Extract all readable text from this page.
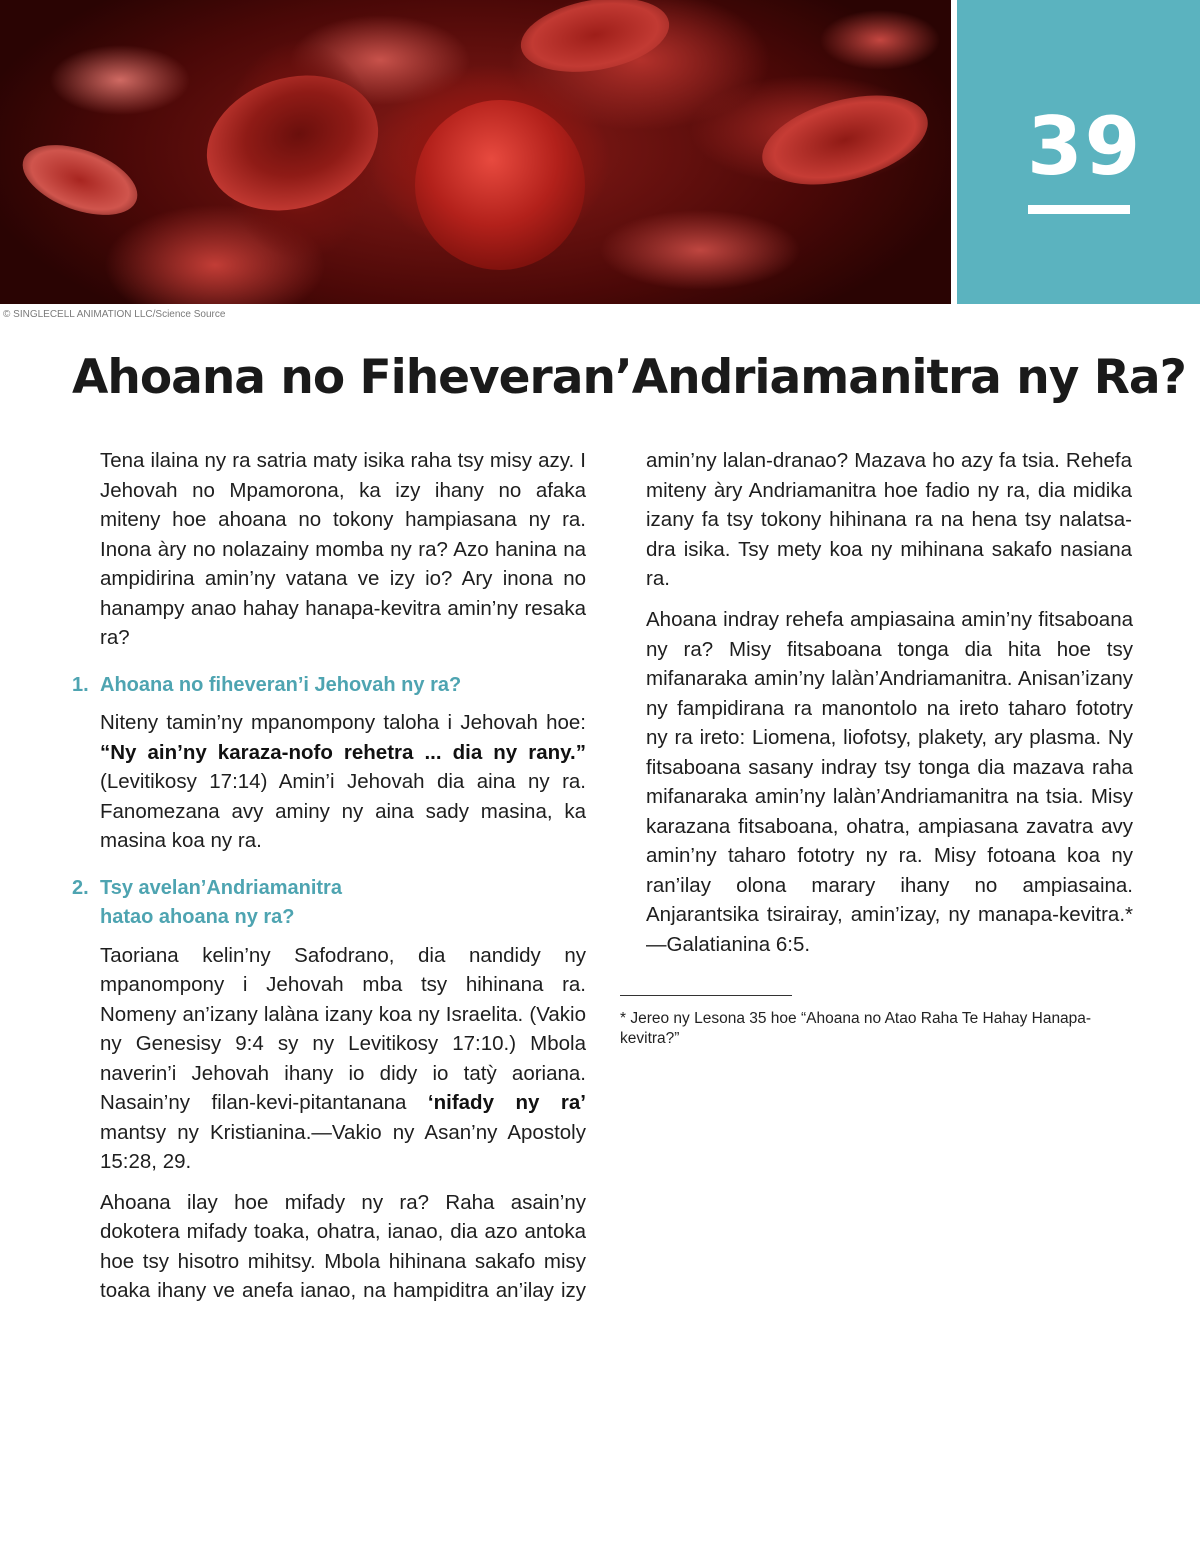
39
© SINGLECELL ANIMATION LLC/Science Source
Ahoana no Fiheveran’Andriamanitra ny Ra?

Tena ilaina ny ra satria maty isika raha tsy misy azy. I Jehovah no Mpamorona, ka izy ihany no afaka miteny hoe ahoana no tokony hampiasana ny ra. Inona àry no nolazainy momba ny ra? Azo hanina na ampidirina amin’ny vatana ve izy io? Ary inona no hanampy anao hahay hanapa-kevitra amin’ny resaka ra?

1. Ahoana no fiheveran’i Jehovah ny ra?

Niteny tamin’ny mpanompony taloha i Jehovah hoe: “Ny ain’ny karaza-nofo rehetra ... dia ny rany.” (Levitikosy 17:14) Amin’i Jehovah dia aina ny ra. Fanomezana avy aminy ny aina sady masina, ka masina koa ny ra.

2. Tsy avelan’Andriamanitra hatao ahoana ny ra?

Taoriana kelin’ny Safodrano, dia nandidy ny mpanompony i Jehovah mba tsy hihinana ra. Nomeny an’izany lalàna izany koa ny Israelita. (Vakio ny Genesisy 9:4 sy ny Levitikosy 17:10.) Mbola naverin’i Jehovah ihany io didy io tatỳ aoriana. Nasain’ny filan-kevi-pitantanana ‘nifady ny ra’ mantsy ny Kristianina.—Vakio ny Asan’ny Apostoly 15:28, 29.

Ahoana ilay hoe mifady ny ra? Raha asain’ny dokotera mifady toaka, ohatra, ianao, dia azo antoka hoe tsy hisotro mihitsy. Mbola hihinana sakafo misy toaka ihany ve anefa ianao, na hampiditra an’ilay izy

amin’ny lalan-dranao? Mazava ho azy fa tsia. Rehefa miteny àry Andriamanitra hoe fadio ny ra, dia midika izany fa tsy tokony hihinana ra na hena tsy nalatsa-dra isika. Tsy mety koa ny mihinana sakafo nasiana ra.

Ahoana indray rehefa ampiasaina amin’ny fitsaboana ny ra? Misy fitsaboana tonga dia hita hoe tsy mifanaraka amin’ny lalàn’Andriamanitra. Anisan’izany ny fampidirana ra manontolo na ireto taharo fototry ny ra ireto: Liomena, liofotsy, plakety, ary plasma. Ny fitsaboana sasany indray tsy tonga dia mazava raha mifanaraka amin’ny lalàn’Andriamanitra na tsia. Misy karazana fitsaboana, ohatra, ampiasana zavatra avy amin’ny taharo fototry ny ra. Misy fotoana koa ny ran’ilay olona marary ihany no ampiasaina. Anjarantsika tsirairay, amin’izay, ny manapa-kevitra.*—Galatianina 6:5.

* Jereo ny Lesona 35 hoe “Ahoana no Atao Raha Te Hahay Hanapa-kevitra?”
